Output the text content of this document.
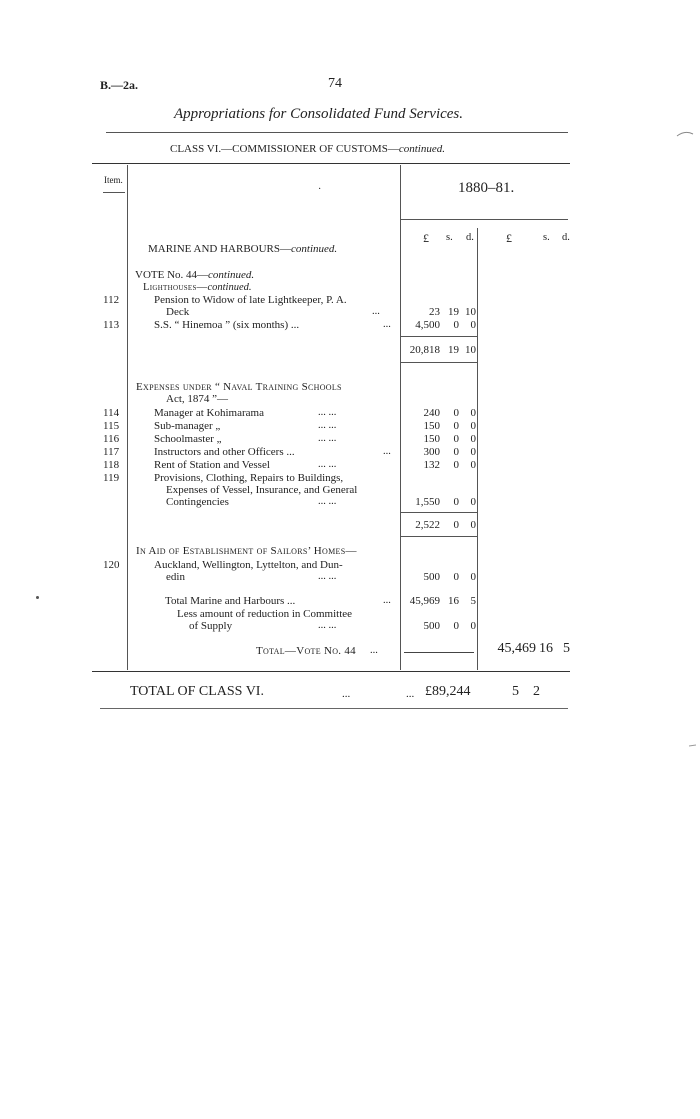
B.—2a.	74
Appropriations for Consolidated Fund Services.
CLASS VI.—COMMISSIONER OF CUSTOMS—continued.
Item.
·	1880–81.
£ s. d.	£	s. d.
MARINE AND HARBOURS—continued.
VOTE No. 44—continued.
Lighthouses—continued.
112	Pension to Widow of late Lightkeeper, P. A.
Deck	...	23 19 10
113	S.S. “ Hinemoa ” (six months) ...	...	4,500	0	0
20,818 19 10
Expenses under “ Naval Training Schools
Act, 1874 ”—
114	Manager at Kohimarama	... ...	240	0	0
115	Sub-manager „	... ...	150	0	0
116	Schoolmaster „	... ...	150	0	0
117	Instructors and other Officers ...	...	300	0	0
118	Rent of Station and Vessel	... ...	132	0	0
119	Provisions, Clothing, Repairs to Buildings,
Expenses of Vessel, Insurance, and General
Contingencies	... ...	1,550	0	0
2,522	0	0
In Aid of Establishment of Sailors’ Homes—
120	Auckland, Wellington, Lyttelton, and Dun-
edin	... ...	500	0	0
Total Marine and Harbours ...	...	45,969 16	5
Less amount of reduction in Committee
of Supply	... ...	500	0	0
Total—Vote No. 44 ...	45,469 16 5
TOTAL OF CLASS VI.	...	... £89,244	5 2
